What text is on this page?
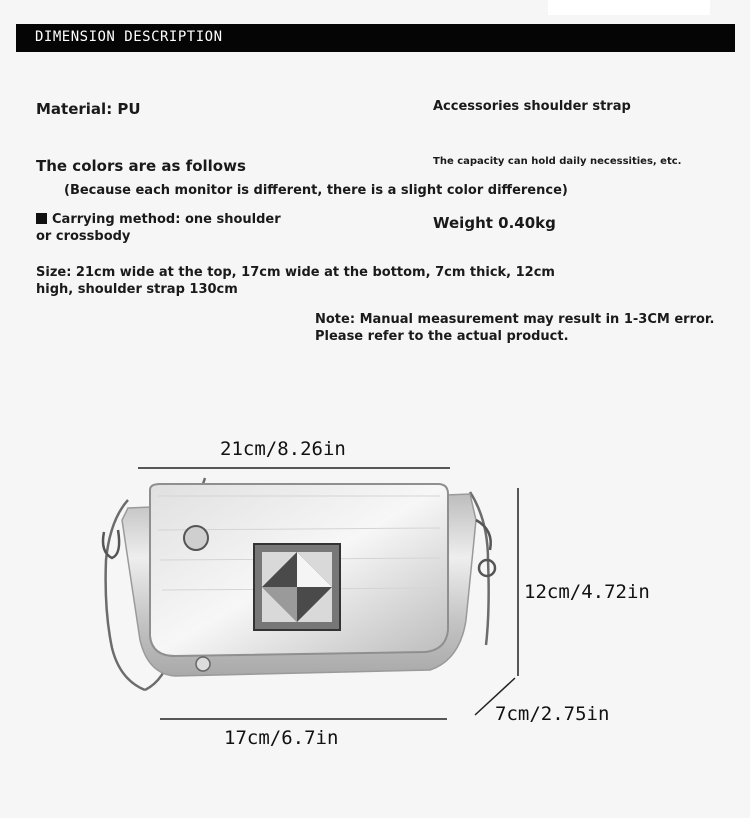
DIMENSION DESCRIPTION
Material: PU	Accessories shoulder strap
The colors are as follows	The capacity can hold daily necessities, etc.
(Because each monitor is different, there is a slight color difference)
Carrying method: one shoulder or crossbody
Weight 0.40kg
Size: 21cm wide at the top, 17cm wide at the bottom, 7cm thick, 12cm high, shoulder strap 130cm
Note: Manual measurement may result in 1-3CM error. Please refer to the actual product.
21cm/8.26in
12cm/4.72in
17cm/6.7in
7cm/2.75in
